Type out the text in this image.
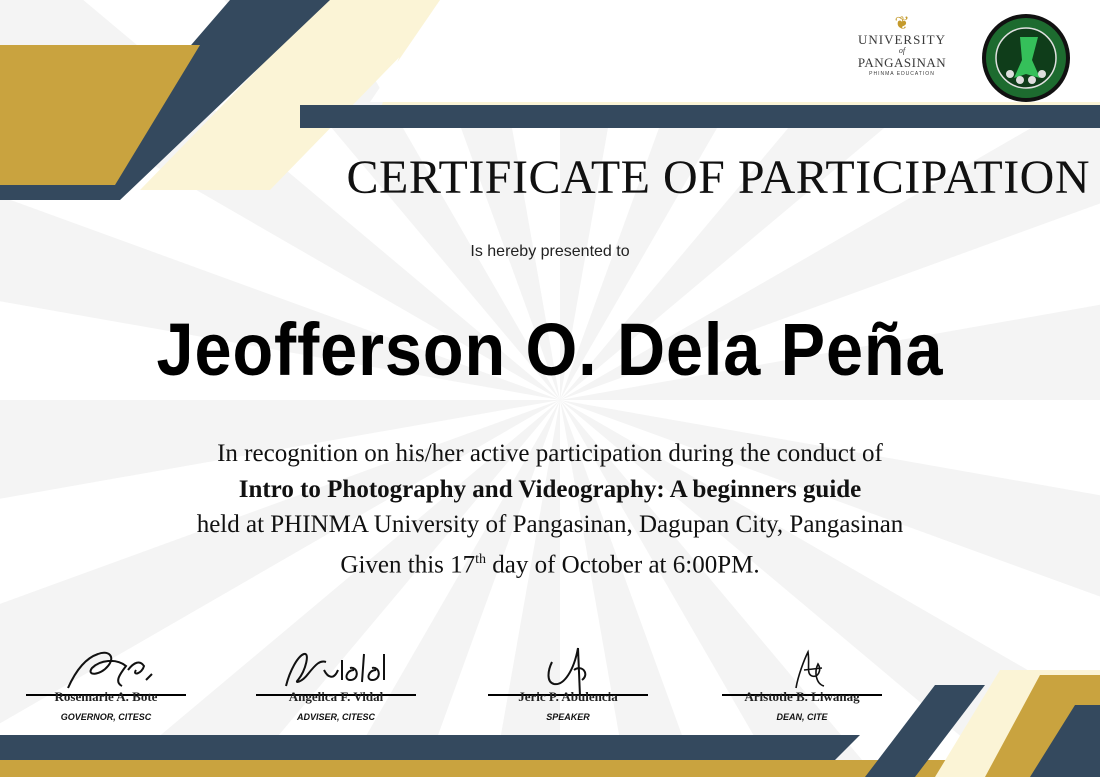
❦
UNIVERSITY
of
PANGASINAN
PHINMA EDUCATION
CERTIFICATE OF PARTICIPATION
Is hereby presented to
Jeofferson O. Dela Peña
In recognition on his/her active participation during the conduct of
Intro to Photography and Videography: A beginners guide
held at PHINMA University of Pangasinan, Dagupan City, Pangasinan
Given this 17th day of October at 6:00PM.
Rosemarie A. Bote
GOVERNOR, CITESC
Angelica F. Vidal
ADVISER, CITESC
Jeric P. Abulencia
SPEAKER
Aristotle B. Liwanag
DEAN, CITE
